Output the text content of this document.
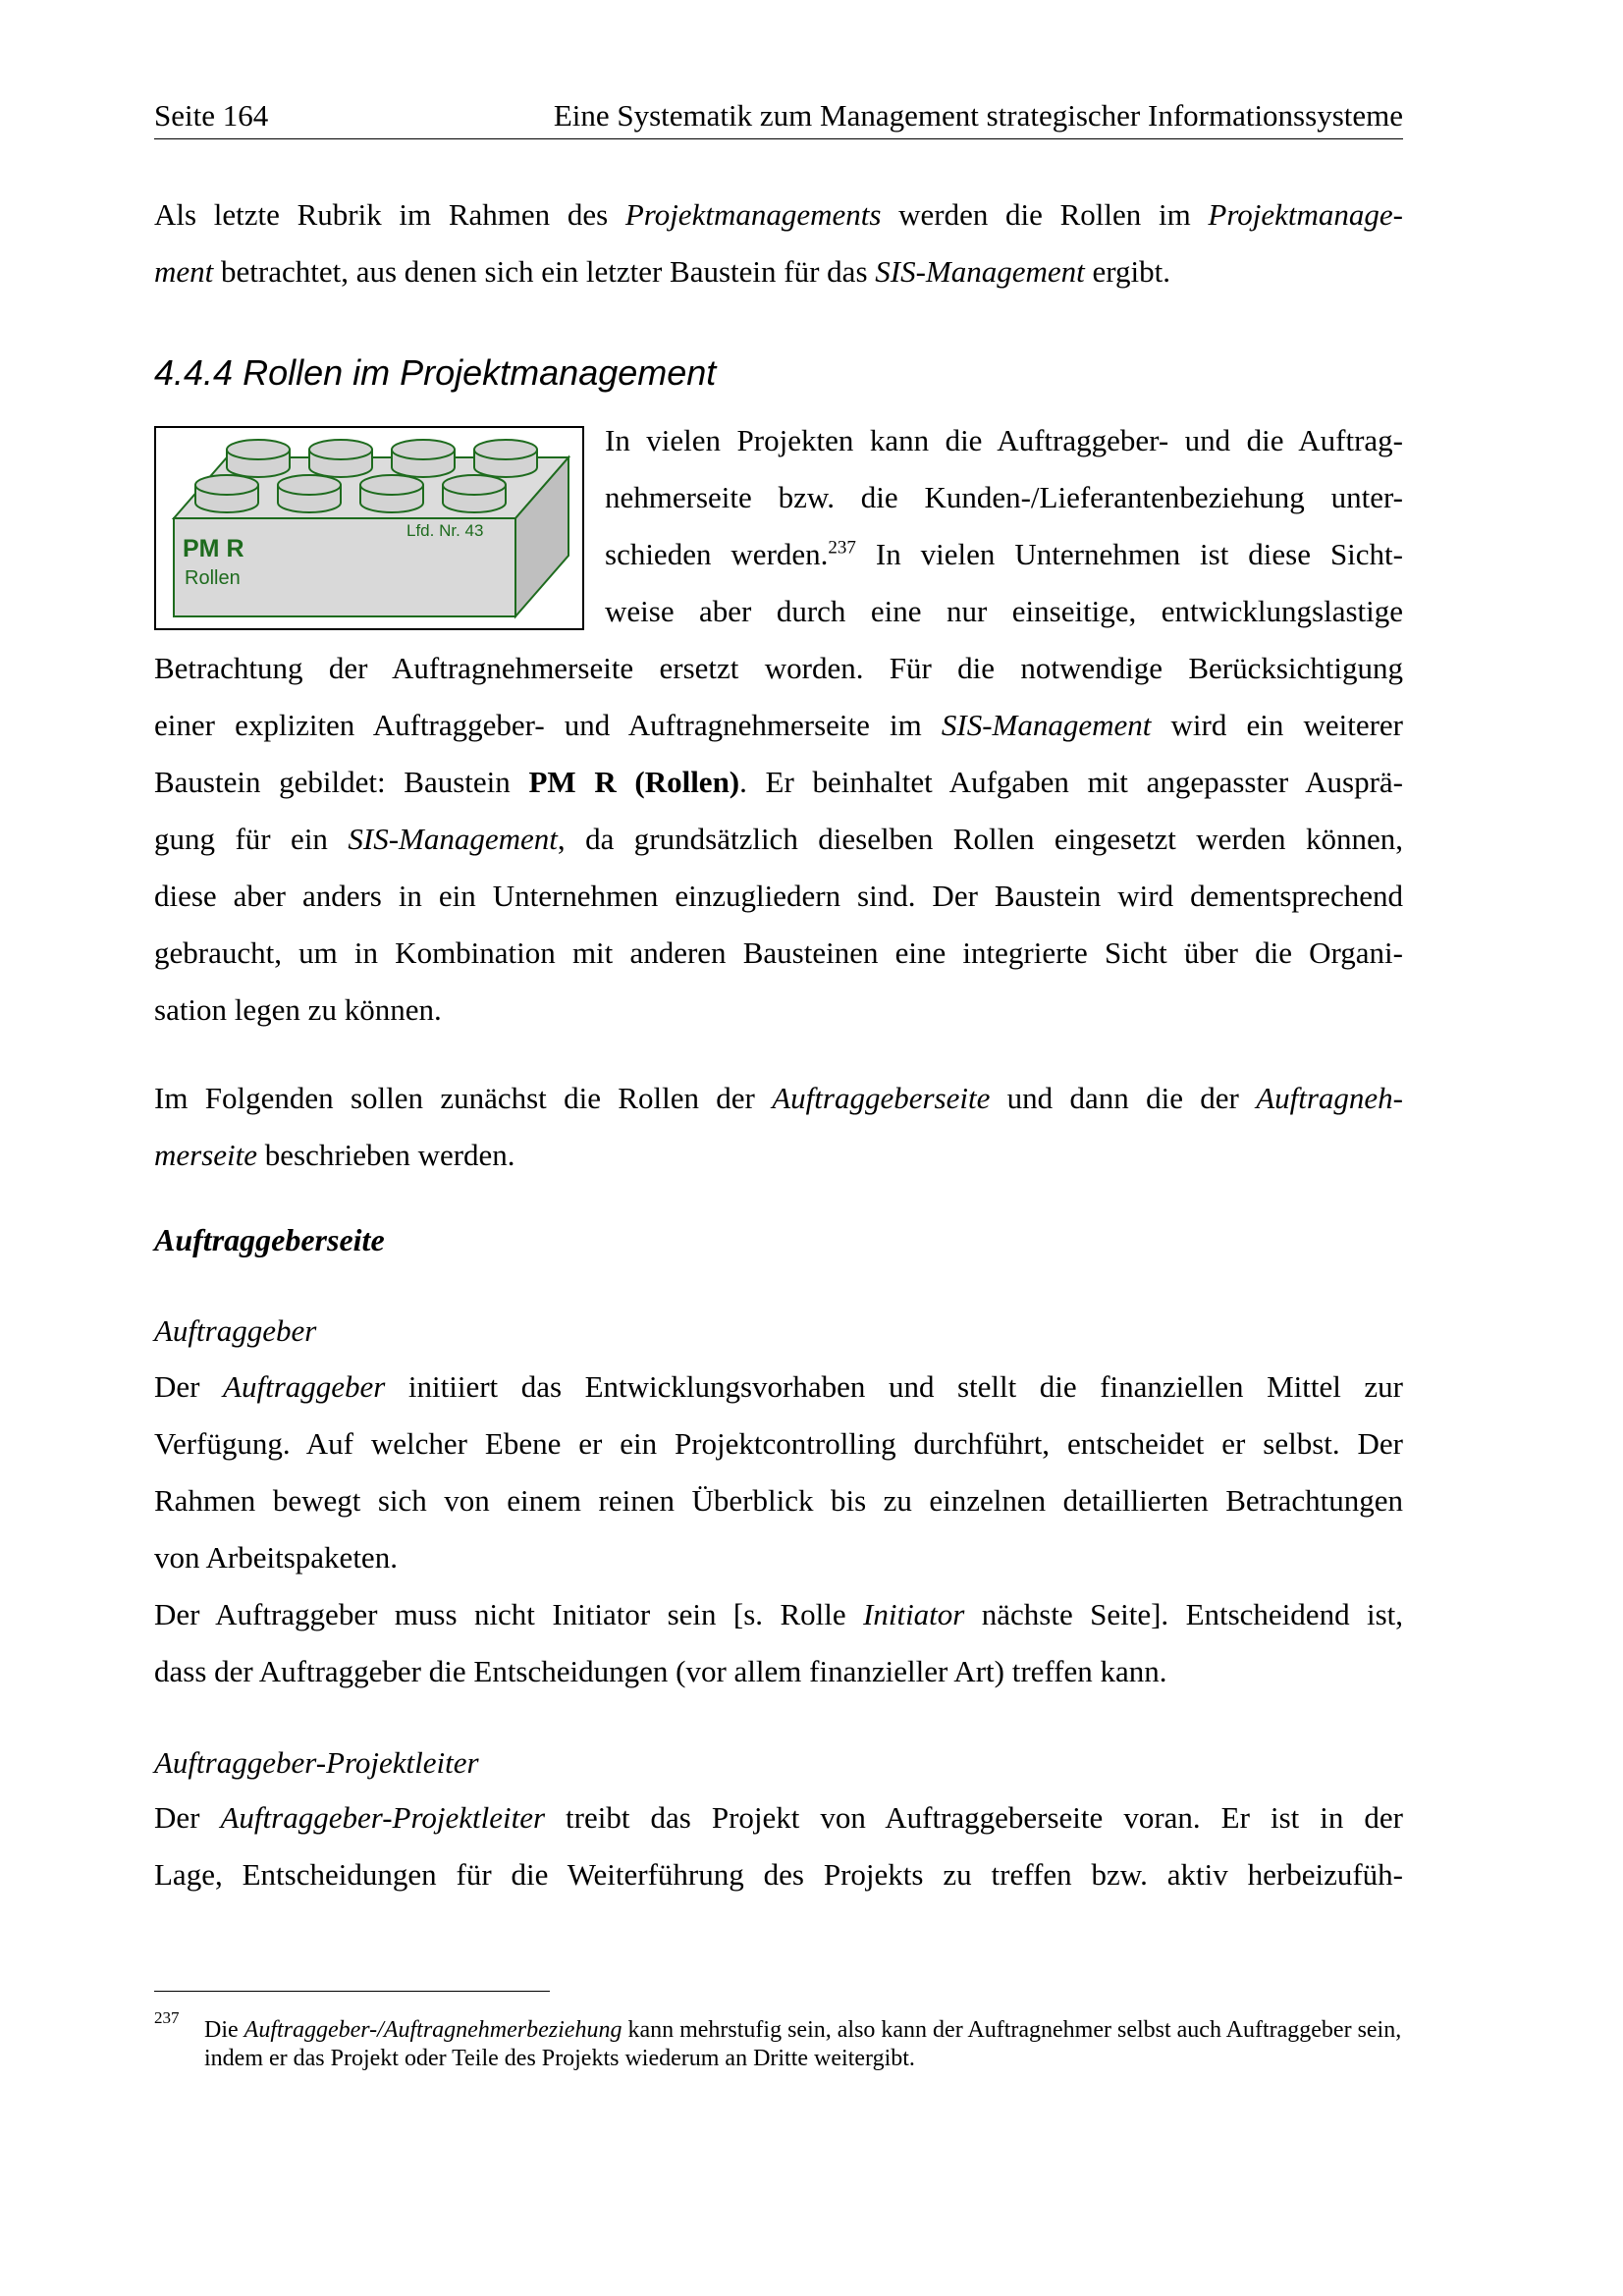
Seite 164	Eine Systematik zum Management strategischer Informationssysteme

Als letzte Rubrik im Rahmen des Projektmanagements werden die Rollen im Projektmanage-
ment betrachtet, aus denen sich ein letzter Baustein für das SIS-Management ergibt.

4.4.4 Rollen im Projektmanagement
Lfd. Nr. 43
PM R
Rollen

In vielen Projekten kann die Auftraggeber- und die Auftrag-
nehmerseite bzw. die Kunden-/Lieferantenbeziehung unter-
schieden werden.$^{237}$ In vielen Unternehmen ist diese Sicht-
weise aber durch eine nur einseitige, entwicklungslastige

Betrachtung der Auftragnehmerseite ersetzt worden. Für die notwendige Berücksichtigung
einer expliziten Auftraggeber- und Auftragnehmerseite im SIS-Management wird ein weiterer
Baustein gebildet: Baustein PM R (Rollen). Er beinhaltet Aufgaben mit angepasster Ausprä-
gung für ein SIS-Management, da grundsätzlich dieselben Rollen eingesetzt werden können,
diese aber anders in ein Unternehmen einzugliedern sind. Der Baustein wird dementsprechend
gebraucht, um in Kombination mit anderen Bausteinen eine integrierte Sicht über die Organi-
sation legen zu können.

Im Folgenden sollen zunächst die Rollen der Auftraggeberseite und dann die der Auftragneh-
merseite beschrieben werden.

Auftraggeberseite
Auftraggeber

Der Auftraggeber initiiert das Entwicklungsvorhaben und stellt die finanziellen Mittel zur
Verfügung. Auf welcher Ebene er ein Projektcontrolling durchführt, entscheidet er selbst. Der
Rahmen bewegt sich von einem reinen Überblick bis zu einzelnen detaillierten Betrachtungen
von Arbeitspaketen.
Der Auftraggeber muss nicht Initiator sein [s. Rolle Initiator nächste Seite]. Entscheidend ist,
dass der Auftraggeber die Entscheidungen (vor allem finanzieller Art) treffen kann.

Auftraggeber-Projektleiter

Der Auftraggeber-Projektleiter treibt das Projekt von Auftraggeberseite voran. Er ist in der
Lage, Entscheidungen für die Weiterführung des Projekts zu treffen bzw. aktiv herbeizufüh-

237 Die Auftraggeber-/Auftragnehmerbeziehung kann mehrstufig sein, also kann der Auftragnehmer selbst auch Auftraggeber sein, indem er das Projekt oder Teile des Projekts wiederum an Dritte weitergibt.
